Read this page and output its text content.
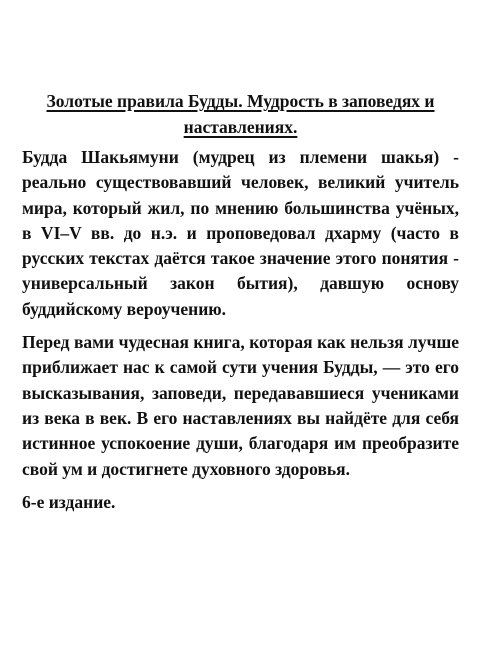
Золотые правила Будды. Мудрость в заповедях и наставлениях.

Будда Шакьямуни (мудрец из племени шакья) - реально существовавший человек, великий учитель мира, который жил, по мнению большинства учёных, в VI–V вв. до н.э. и проповедовал дхарму (часто в русских текстах даётся такое значение этого понятия - универсальный закон бытия), давшую основу буддийскому вероучению.

Перед вами чудесная книга, которая как нельзя лучше приближает нас к самой сути учения Будды, — это его высказывания, заповеди, передававшиеся учениками из века в век. В его наставлениях вы найдёте для себя истинное успокоение души, благодаря им преобразите свой ум и достигнете духовного здоровья.

6-е издание.
